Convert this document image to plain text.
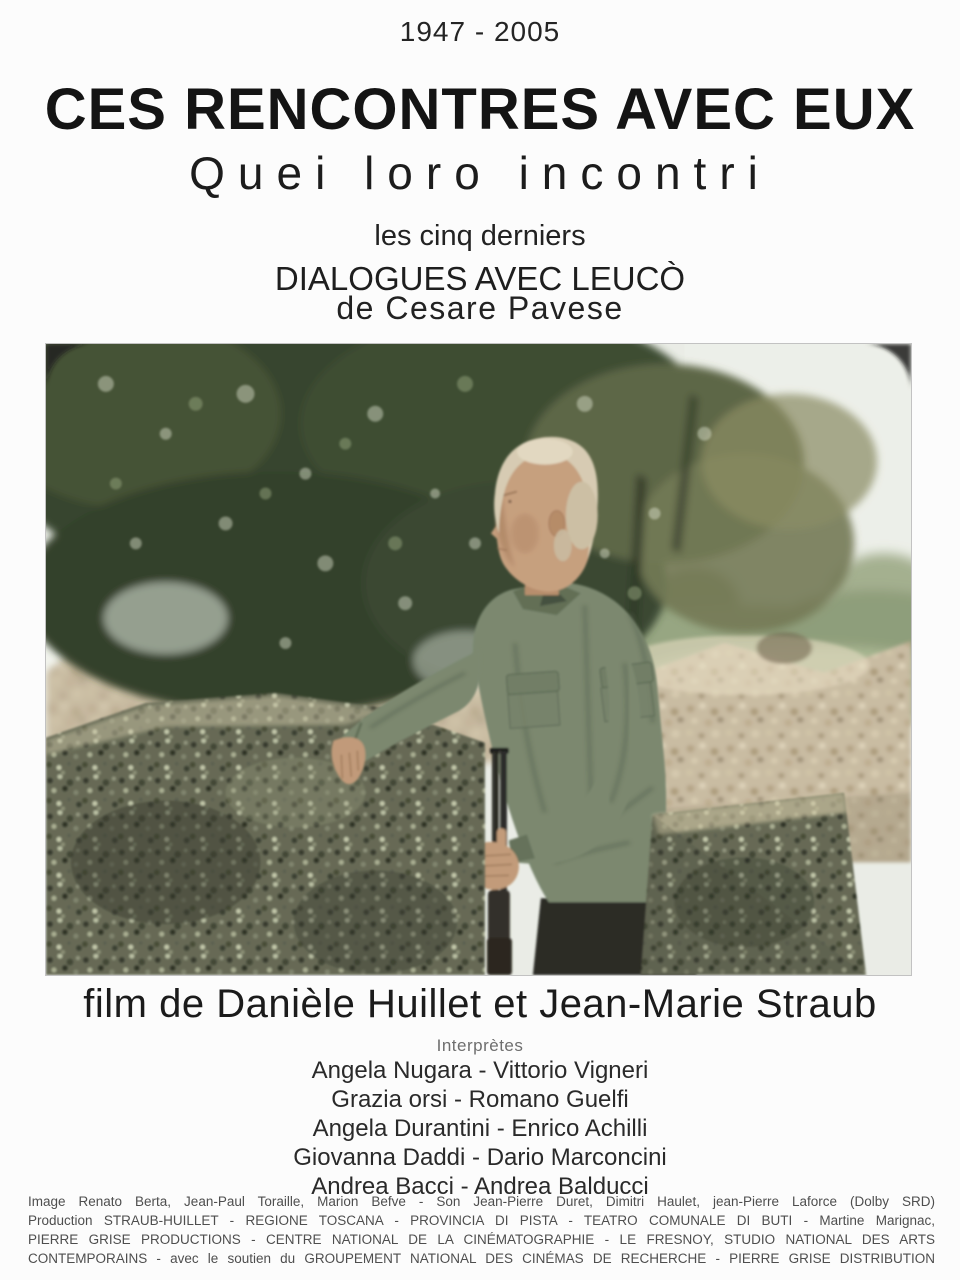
1947 - 2005
CES RENCONTRES AVEC EUX
Quei loro incontri
les cinq derniers
DIALOGUES AVEC LEUCÒ
de Cesare Pavese
film de Danièle Huillet et Jean-Marie Straub
Interprètes
Angela Nugara - Vittorio Vigneri
Grazia orsi - Romano Guelfi
Angela Durantini - Enrico Achilli
Giovanna Daddi - Dario Marconcini
Andrea Bacci - Andrea Balducci
Image Renato Berta, Jean-Paul Toraille, Marion Befve - Son Jean-Pierre Duret, Dimitri Haulet, jean-Pierre Laforce (Dolby SRD)
Production STRAUB-HUILLET - REGIONE TOSCANA - PROVINCIA DI PISTA - TEATRO COMUNALE DI BUTI - Martine Marignac,
PIERRE GRISE PRODUCTIONS - CENTRE NATIONAL DE LA CINÉMATOGRAPHIE - LE FRESNOY, STUDIO NATIONAL DES ARTS
CONTEMPORAINS - avec le soutien du GROUPEMENT NATIONAL DES CINÉMAS DE RECHERCHE - PIERRE GRISE DISTRIBUTION
